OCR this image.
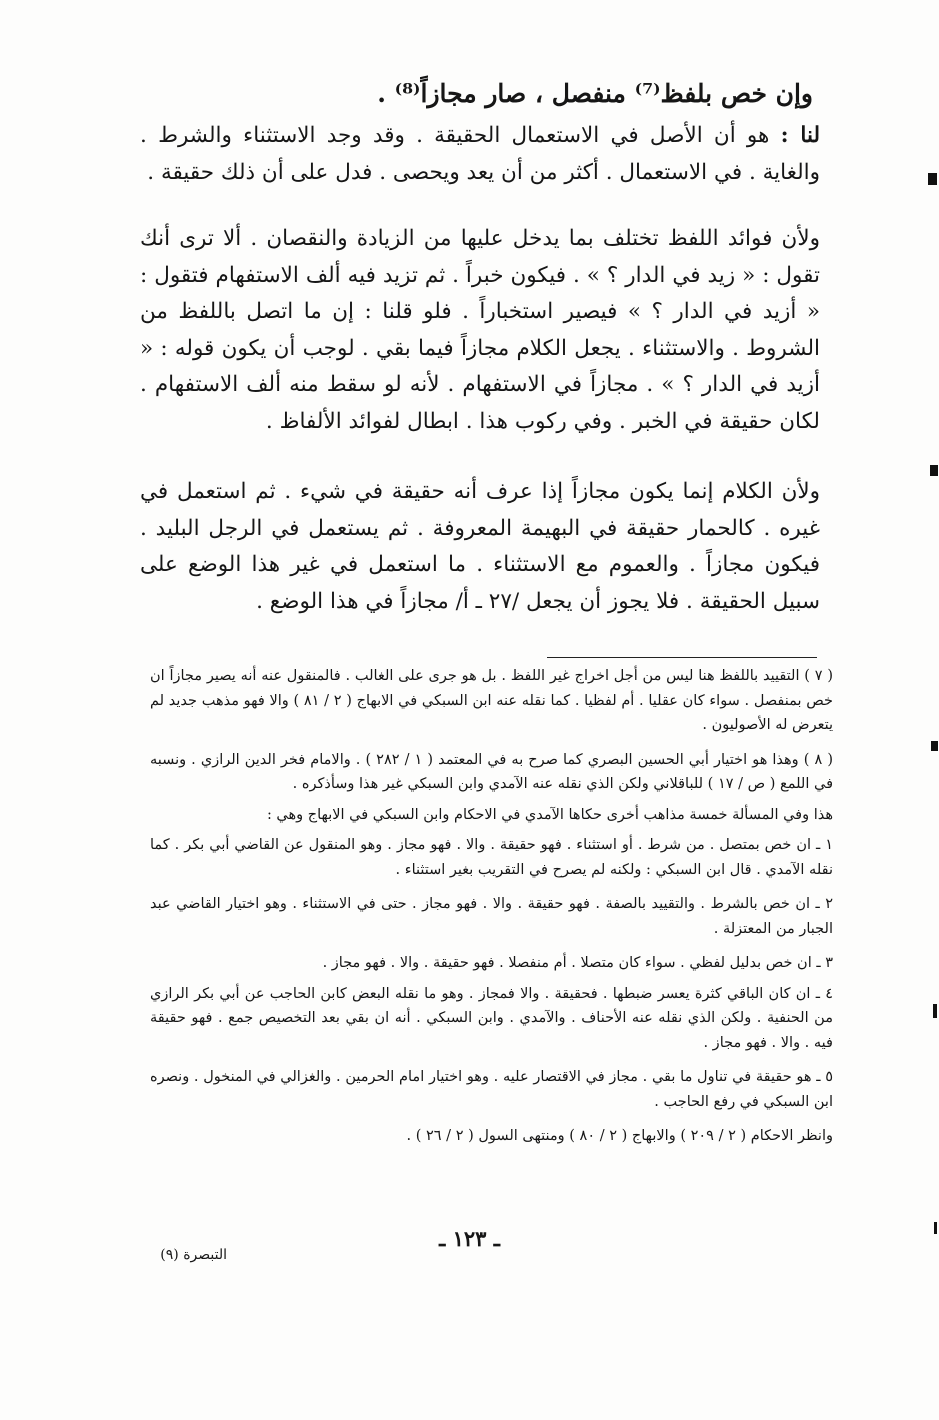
وإن خص بلفظ⁽⁷⁾ منفصل ، صار مجازاً⁽⁸⁾ .

لنا : هو أن الأصل في الاستعمال الحقيقة . وقد وجد الاستثناء والشرط . والغاية . في الاستعمال . أكثر من أن يعد ويحصى . فدل على أن ذلك حقيقة .

ولأن فوائد اللفظ تختلف بما يدخل عليها من الزيادة والنقصان . ألا ترى أنك تقول : « زيد في الدار ؟ » . فيكون خبراً . ثم تزيد فيه ألف الاستفهام فتقول : « أزيد في الدار ؟ » فيصير استخباراً . فلو قلنا : إن ما اتصل باللفظ من الشروط . والاستثناء . يجعل الكلام مجازاً فيما بقي . لوجب أن يكون قوله : « أزيد في الدار ؟ » . مجازاً في الاستفهام . لأنه لو سقط منه ألف الاستفهام . لكان حقيقة في الخبر . وفي ركوب هذا . ابطال لفوائد الألفاظ .

ولأن الكلام إنما يكون مجازاً إذا عرف أنه حقيقة في شيء . ثم استعمل في غيره . كالحمار حقيقة في البهيمة المعروفة . ثم يستعمل في الرجل البليد . فيكون مجازاً . والعموم مع الاستثناء . ما استعمل في غير هذا الوضع على سبيل الحقيقة . فلا يجوز أن يجعل /٢٧ ـ أ/ مجازاً في هذا الوضع .

( ٧ ) التقييد باللفظ هنا ليس من أجل اخراج غير اللفظ . بل هو جرى على الغالب . فالمنقول عنه أنه يصير مجازاً ان خص بمنفصل . سواء كان عقليا . أم لفظيا . كما نقله عنه ابن السبكي في الابهاج ( ٢ / ٨١ ) والا فهو مذهب جديد لم يتعرض له الأصوليون .
( ٨ ) وهذا هو اختيار أبي الحسين البصري كما صرح به في المعتمد ( ١ / ٢٨٢ ) . والامام فخر الدين الرازي . ونسبه في اللمع ( ص / ١٧ ) للباقلاني ولكن الذي نقله عنه الآمدي وابن السبكي غير هذا وسأذكره .
هذا وفي المسألة خمسة مذاهب أخرى حكاها الآمدي في الاحكام وابن السبكي في الابهاج وهي :
١ ـ ان خص بمتصل . من شرط . أو استثناء . فهو حقيقة . والا . فهو مجاز . وهو المنقول عن القاضي أبي بكر . كما نقله الآمدي . قال ابن السبكي : ولكنه لم يصرح في التقريب بغير استثناء .
٢ ـ ان خص بالشرط . والتقييد بالصفة . فهو حقيقة . والا . فهو مجاز . حتى في الاستثناء . وهو اختيار القاضي عبد الجبار من المعتزلة .
٣ ـ ان خص بدليل لفظي . سواء كان متصلا . أم منفصلا . فهو حقيقة . والا . فهو مجاز .
٤ ـ ان كان الباقي كثرة يعسر ضبطها . فحقيقة . والا فمجاز . وهو ما نقله البعض كابن الحاجب عن أبي بكر الرازي من الحنفية . ولكن الذي نقله عنه الأحناف . والآمدي . وابن السبكي . أنه ان بقي بعد التخصيص جمع . فهو حقيقة فيه . والا . فهو مجاز .
٥ ـ هو حقيقة في تناول ما بقي . مجاز في الاقتصار عليه . وهو اختيار امام الحرمين . والغزالي في المنخول . ونصره ابن السبكي في رفع الحاجب .
وانظر الاحكام ( ٢ / ٢٠٩ ) والابهاج ( ٢ / ٨٠ ) ومنتهى السول ( ٢ / ٢٦ ) .
ـ ١٢٣ ـ
التبصرة (٩)
